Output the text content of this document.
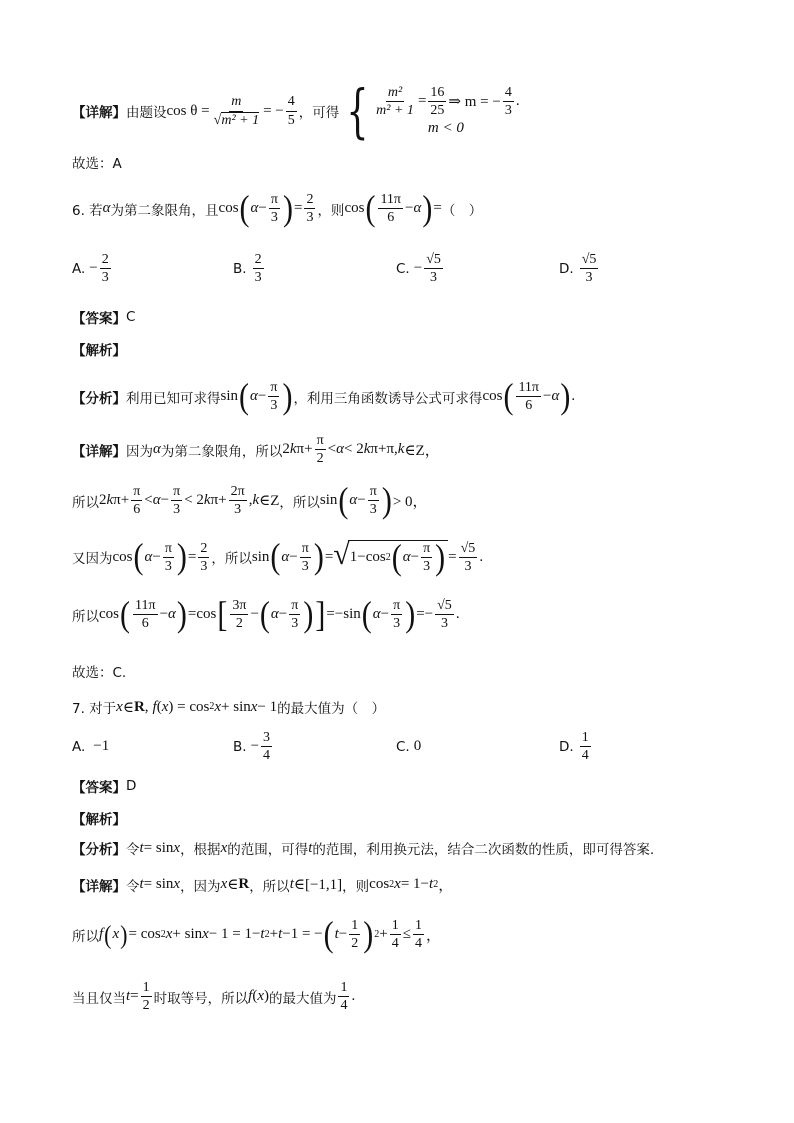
【详解】 由题设 $\cos \theta = \frac{m}{\text{√m² + 1}}$ = − $\frac{4}{5}$ ，可得 { $\frac{\text{m²}}{\text{m² + 1}} = \frac{16}{25}$ ⇒ m = − $\frac{4}{3}$ .
m < 0
故选：A
6. 若 α 为第二象限角，且 cos ( $\alpha - \frac{\pi}{3}$ ) = $\frac{2}{3}$ ，则 cos ( $\frac{11\pi}{6} - \alpha$ ) = （　）
A. − $\frac{2}{3}$	B. $\frac{2}{3}$	C. − $\frac{√5}{3}$	D. $\frac{√5}{3}$
【答案】 C
【解析】
【分析】 利用已知可求得 sin ( $\alpha - \frac{\pi}{3}$ ) ，利用三角函数诱导公式可求得 cos ( $\frac{11\pi}{6} - \alpha$ ) .
【详解】 因为 α 为第二象限角，所以 2 k $\pi+ \frac{\pi}{2} < \alpha < 2$ k π+π, k ∈Z，
所以 2 k $\pi+ \frac{\pi}{6} < \alpha - \frac{\pi}{3} < 2$ k $\pi+ \frac{2\pi}{3}$ , k ∈Z ，所以 sin ( $\alpha - \frac{\pi}{3}$ ) > 0，
又因为 cos ( $\alpha - \frac{\pi}{3}$ ) = $\frac{2}{3}$ ，所以 sin ( $\alpha - \frac{\pi}{3}$ ) = √ 1−cos 2 ( $\alpha - \frac{\pi}{3}$ ) = $\frac{√5}{3}$ .
所以 cos ( $\frac{11\pi}{6} - \alpha$ ) =cos [ $\frac{3\pi}{2}$ − ( $\alpha - \frac{\pi}{3}$ ) ] =−sin ( $\alpha - \frac{\pi}{3}$ ) =− $\frac{√5}{3}$ .
故选：C.
7. 对于 x ∈ R , f ( x ) = cos 2 x + sin x − 1 的最大值为（　）
A. −1	B. − $\frac{3}{4}$	C. 0	D. $\frac{1}{4}$
【答案】 D
【解析】
【分析】 令 t = sin x ，根据 x 的范围，可得 t 的范围，利用换元法，结合二次函数的性质，即可得答案.
【详解】 令 t = sin x ，因为 x ∈ R ，所以 t ∈[−1,1] ，则 cos 2 x = 1− t 2 ，
所以 f ( x ) = cos 2 x + sin x − 1 = 1− t 2 + t −1 = − ( $t - \frac{1}{2}$ ) $2 + \frac{1}{4} \le \frac{1}{4}$ ，
当且仅当 $t = \frac{1}{2}$ 时取等号，所以 f ( x ) 的最大值为 $\frac{1}{4}$ .
